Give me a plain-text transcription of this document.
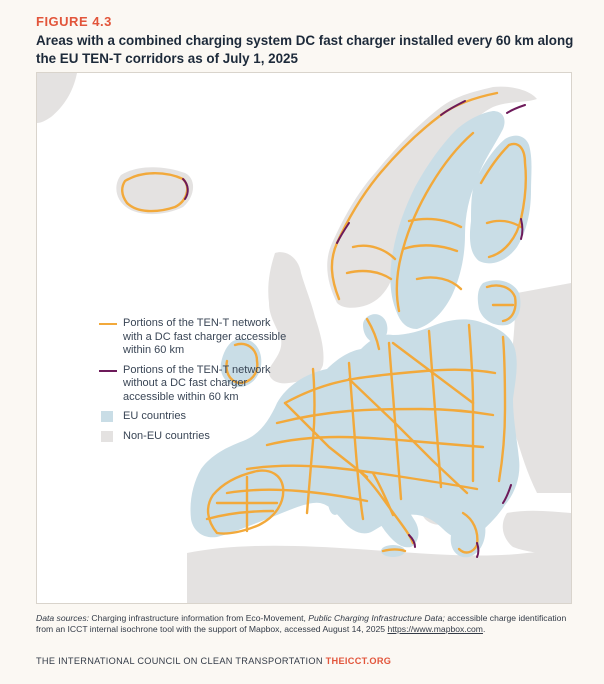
FIGURE 4.3
Areas with a combined charging system DC fast charger installed every 60 km along the EU TEN-T corridors as of July 1, 2025
Portions of the TEN-T network with a DC fast charger accessible within 60 km
Portions of the TEN-T network without a DC fast charger accessible within 60 km
EU countries
Non-EU countries
Data sources: Charging infrastructure information from Eco-Movement, Public Charging Infrastructure Data; accessible charge identification from an ICCT internal isochrone tool with the support of Mapbox, accessed August 14, 2025 https://www.mapbox.com.
THE INTERNATIONAL COUNCIL ON CLEAN TRANSPORTATION THEICCT.ORG
